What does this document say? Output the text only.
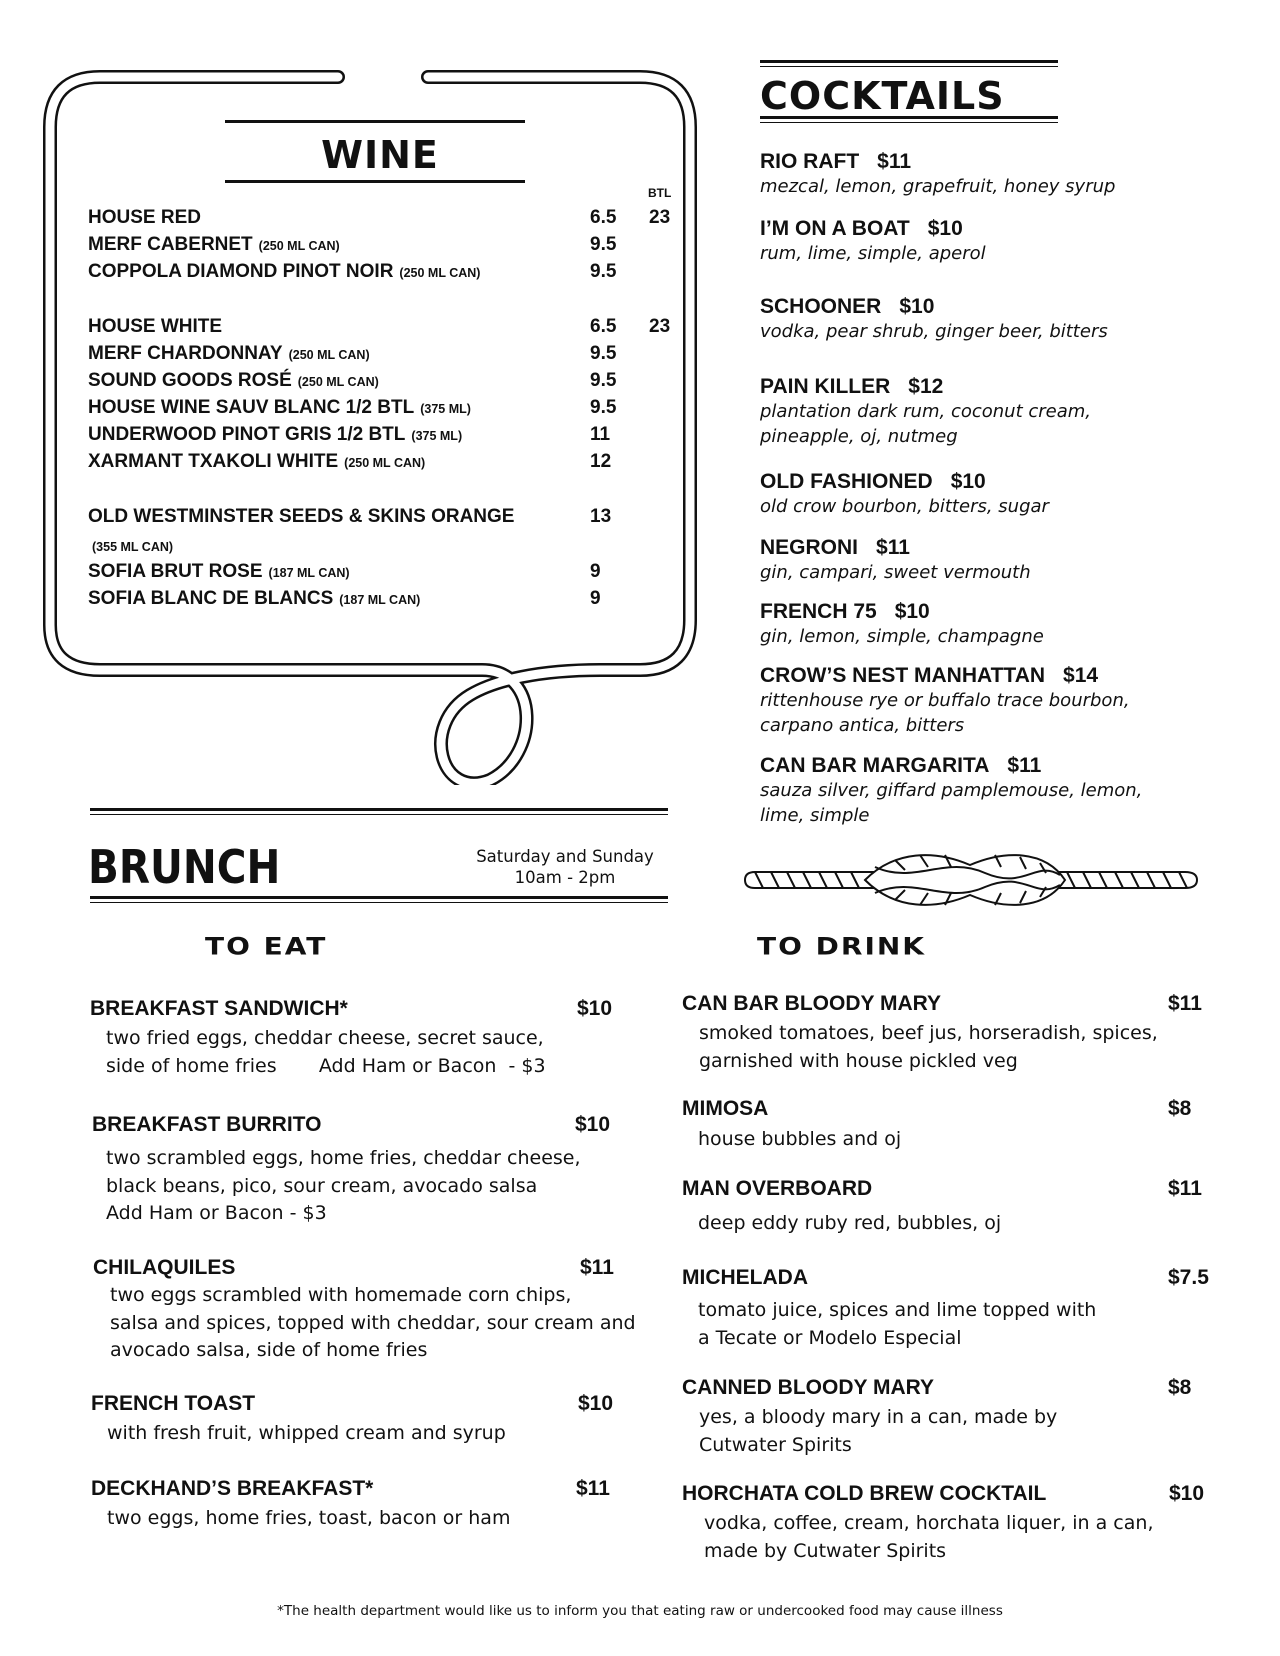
WINE
BTL
HOUSE RED	6.5 23
MERF CABERNET (250 ML CAN)	9.5
COPPOLA DIAMOND PINOT NOIR (250 ML CAN)	9.5
HOUSE WHITE	6.5 23
MERF CHARDONNAY (250 ML CAN)	9.5
SOUND GOODS ROSÉ (250 ML CAN)	9.5
HOUSE WINE SAUV BLANC 1/2 BTL (375 ML)	9.5
UNDERWOOD PINOT GRIS 1/2 BTL (375 ML)	11
XARMANT TXAKOLI WHITE (250 ML CAN)	12
OLD WESTMINSTER SEEDS & SKINS ORANGE	13
(355 ML CAN)
SOFIA BRUT ROSE (187 ML CAN)	9
SOFIA BLANC DE BLANCS (187 ML CAN)	9
COCKTAILS
RIO RAFT $11
mezcal, lemon, grapefruit, honey syrup
I’M ON A BOAT $10
rum, lime, simple, aperol
SCHOONER $10
vodka, pear shrub, ginger beer, bitters
PAIN KILLER $12
plantation dark rum, coconut cream,
pineapple, oj, nutmeg
OLD FASHIONED $10
old crow bourbon, bitters, sugar
NEGRONI $11
gin, campari, sweet vermouth
FRENCH 75 $10
gin, lemon, simple, champagne
CROW’S NEST MANHATTAN $14
rittenhouse rye or buffalo trace bourbon,
carpano antica, bitters
CAN BAR MARGARITA $11
sauza silver, giffard pamplemouse, lemon,
lime, simple
BRUNCH	Saturday and Sunday
10am - 2pm
TO EAT	TO DRINK
BREAKFAST SANDWICH*	$10
two fried eggs, cheddar cheese, secret sauce,
side of home fries       Add Ham or Bacon  - $3
BREAKFAST BURRITO	$10
two scrambled eggs, home fries, cheddar cheese,
black beans, pico, sour cream, avocado salsa
Add Ham or Bacon - $3
CHILAQUILES	$11
two eggs scrambled with homemade corn chips,
salsa and spices, topped with cheddar, sour cream and
avocado salsa, side of home fries
FRENCH TOAST	$10
with fresh fruit, whipped cream and syrup
DECKHAND’S BREAKFAST*	$11
two eggs, home fries, toast, bacon or ham
CAN BAR BLOODY MARY	$11
smoked tomatoes, beef jus, horseradish, spices,
garnished with house pickled veg
MIMOSA	$8
house bubbles and oj
MAN OVERBOARD	$11
deep eddy ruby red, bubbles, oj
MICHELADA	$7.5
tomato juice, spices and lime topped with
a Tecate or Modelo Especial
CANNED BLOODY MARY	$8
yes, a bloody mary in a can, made by
Cutwater Spirits
HORCHATA COLD BREW COCKTAIL	$10
vodka, coffee, cream, horchata liquer, in a can,
made by Cutwater Spirits
*The health department would like us to inform you that eating raw or undercooked food may cause illness
